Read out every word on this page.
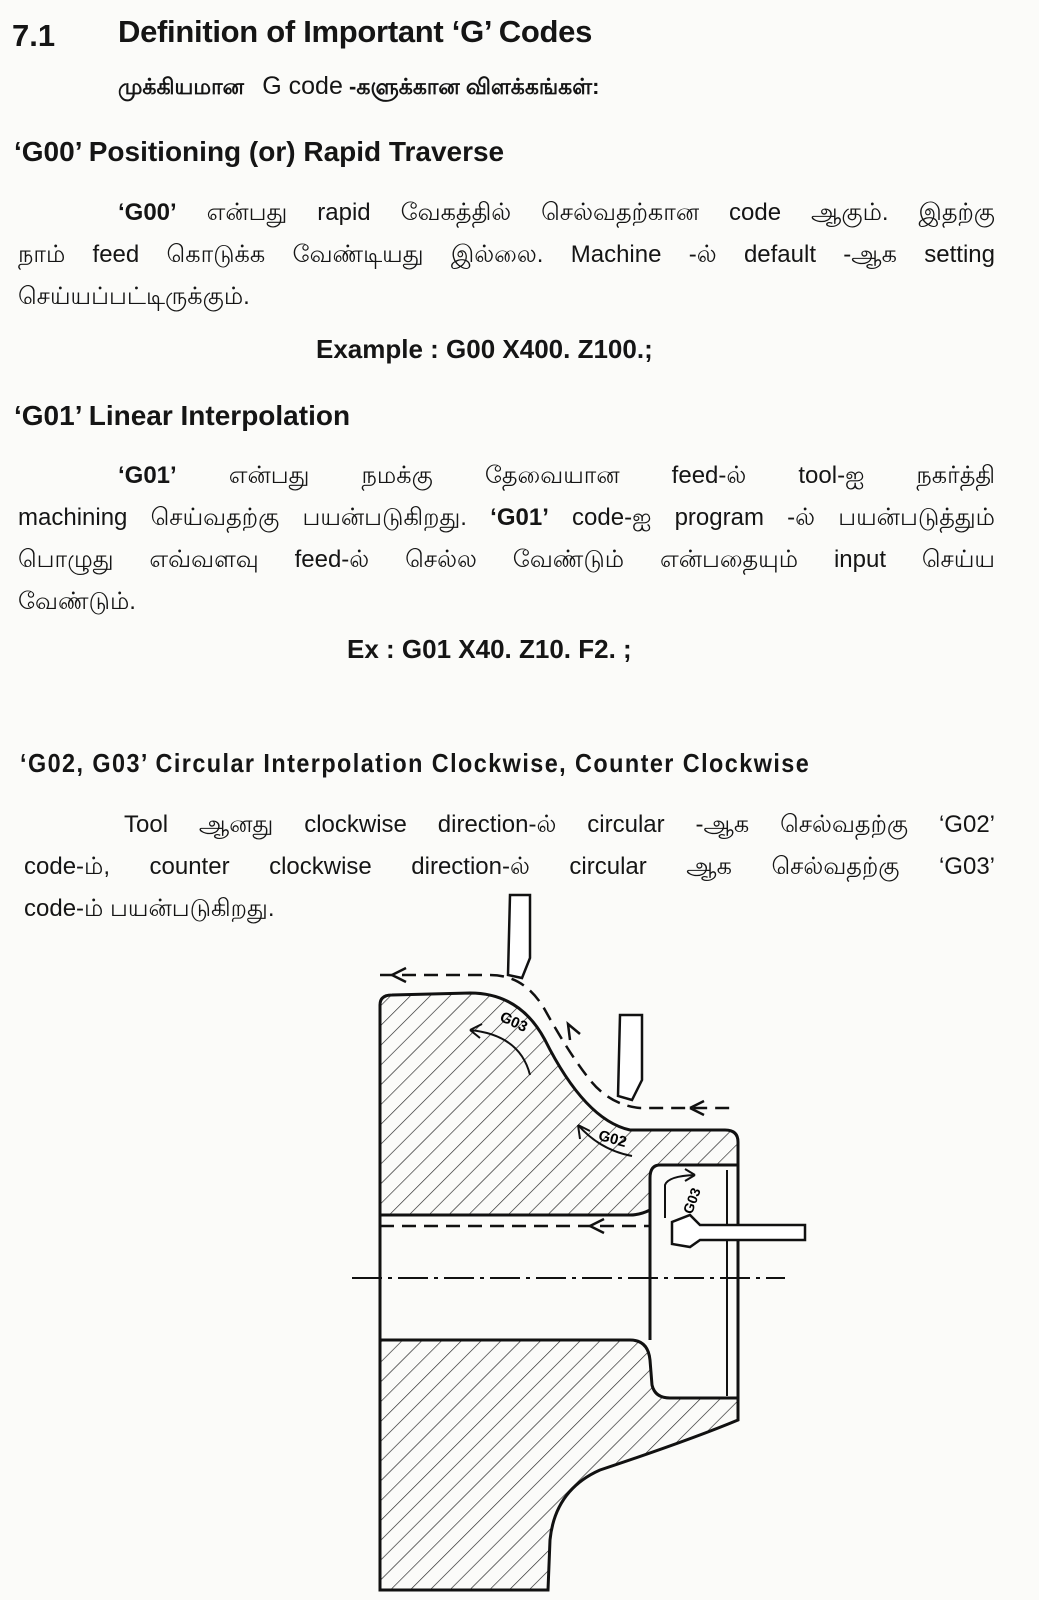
7.1 Definition of Important ‘G’ Codes
முக்கியமான G code -களுக்கான விளக்கங்கள்:
‘G00’ Positioning (or) Rapid Traverse
‘G00’ என்பது rapid வேகத்தில் செல்வதற்கான code ஆகும். இதற்கு
நாம் feed கொடுக்க வேண்டியது இல்லை. Machine -ல் default -ஆக setting
செய்யப்பட்டிருக்கும்.
Example : G00 X400. Z100.;
‘G01’ Linear Interpolation
‘G01’ என்பது நமக்கு தேவையான feed-ல் tool-ஐ நகர்த்தி
machining செய்வதற்கு பயன்படுகிறது. ‘G01’ code-ஐ program -ல் பயன்படுத்தும்
பொழுது எவ்வளவு feed-ல் செல்ல வேண்டும் என்பதையும் input செய்ய
வேண்டும்.
Ex : G01 X40. Z10. F2. ;
‘G02, G03’ Circular Interpolation Clockwise, Counter Clockwise
Tool ஆனது clockwise direction-ல் circular -ஆக செல்வதற்கு ‘G02’
code-ம், counter clockwise direction-ல் circular ஆக செல்வதற்கு ‘G03’
code-ம் பயன்படுகிறது.
G03
G02
G03
